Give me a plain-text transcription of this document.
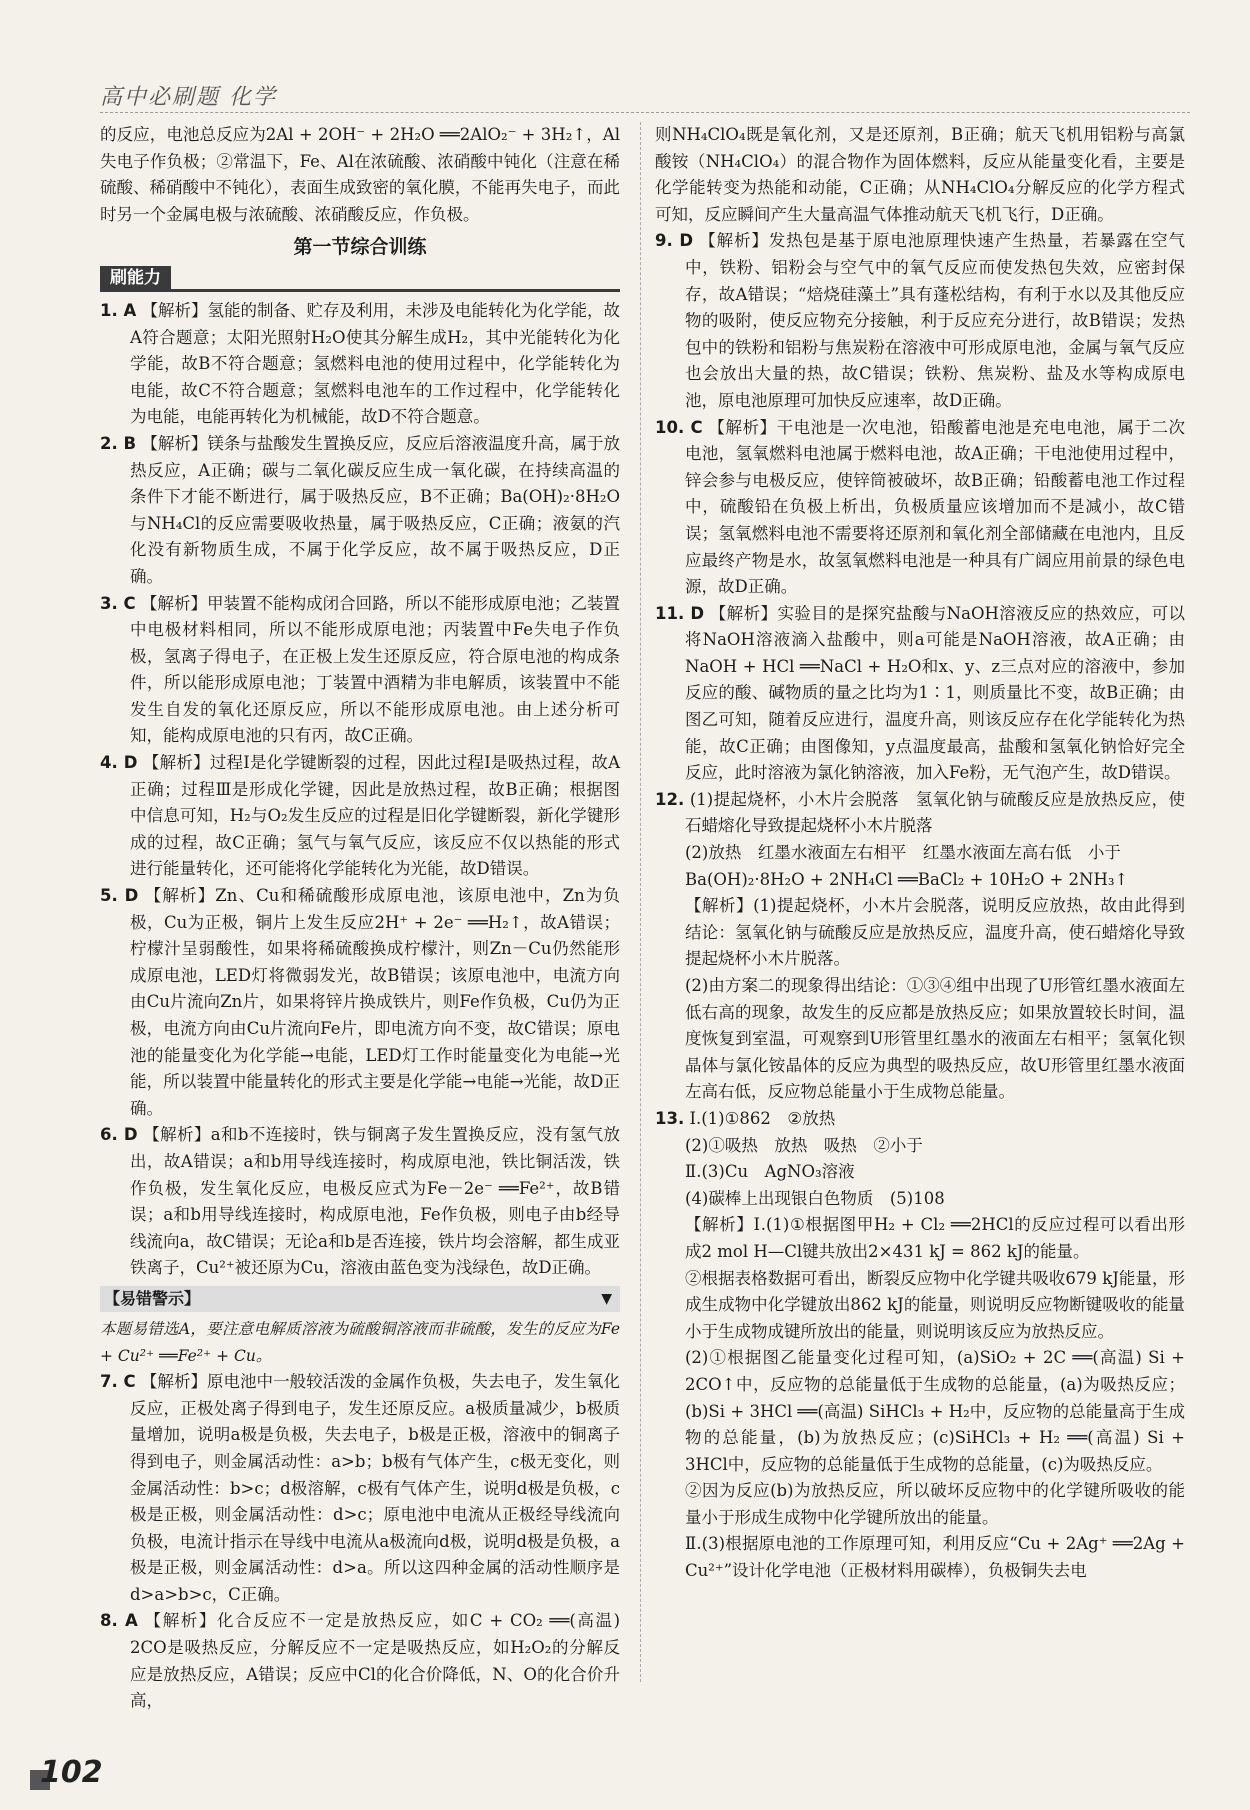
高中必刷题 化学

的反应，电池总反应为2Al + 2OH⁻ + 2H₂O ══2AlO₂⁻ + 3H₂↑，Al失电子作负极；②常温下，Fe、Al在浓硫酸、浓硝酸中钝化（注意在稀硫酸、稀硝酸中不钝化），表面生成致密的氧化膜，不能再失电子，而此时另一个金属电极与浓硫酸、浓硝酸反应，作负极。

第一节综合训练
刷能力

1. A 【解析】氢能的制备、贮存及利用，未涉及电能转化为化学能，故A符合题意；太阳光照射H₂O使其分解生成H₂，其中光能转化为化学能，故B不符合题意；氢燃料电池的使用过程中，化学能转化为电能，故C不符合题意；氢燃料电池车的工作过程中，化学能转化为电能，电能再转化为机械能，故D不符合题意。

2. B 【解析】镁条与盐酸发生置换反应，反应后溶液温度升高，属于放热反应，A正确；碳与二氧化碳反应生成一氧化碳，在持续高温的条件下才能不断进行，属于吸热反应，B不正确；Ba(OH)₂·8H₂O与NH₄Cl的反应需要吸收热量，属于吸热反应，C正确；液氨的汽化没有新物质生成，不属于化学反应，故不属于吸热反应，D正确。

3. C 【解析】甲装置不能构成闭合回路，所以不能形成原电池；乙装置中电极材料相同，所以不能形成原电池；丙装置中Fe失电子作负极，氢离子得电子，在正极上发生还原反应，符合原电池的构成条件，所以能形成原电池；丁装置中酒精为非电解质，该装置中不能发生自发的氧化还原反应，所以不能形成原电池。由上述分析可知，能构成原电池的只有丙，故C正确。

4. D 【解析】过程Ⅰ是化学键断裂的过程，因此过程Ⅰ是吸热过程，故A正确；过程Ⅲ是形成化学键，因此是放热过程，故B正确；根据图中信息可知，H₂与O₂发生反应的过程是旧化学键断裂，新化学键形成的过程，故C正确；氢气与氧气反应，该反应不仅以热能的形式进行能量转化，还可能将化学能转化为光能，故D错误。

5. D 【解析】Zn、Cu和稀硫酸形成原电池，该原电池中，Zn为负极，Cu为正极，铜片上发生反应2H⁺ + 2e⁻ ══H₂↑，故A错误；柠檬汁呈弱酸性，如果将稀硫酸换成柠檬汁，则Zn－Cu仍然能形成原电池，LED灯将微弱发光，故B错误；该原电池中，电流方向由Cu片流向Zn片，如果将锌片换成铁片，则Fe作负极，Cu仍为正极，电流方向由Cu片流向Fe片，即电流方向不变，故C错误；原电池的能量变化为化学能→电能，LED灯工作时能量变化为电能→光能，所以装置中能量转化的形式主要是化学能→电能→光能，故D正确。

6. D 【解析】a和b不连接时，铁与铜离子发生置换反应，没有氢气放出，故A错误；a和b用导线连接时，构成原电池，铁比铜活泼，铁作负极，发生氧化反应，电极反应式为Fe－2e⁻ ══Fe²⁺，故B错误；a和b用导线连接时，构成原电池，Fe作负极，则电子由b经导线流向a，故C错误；无论a和b是否连接，铁片均会溶解，都生成亚铁离子，Cu²⁺被还原为Cu，溶液由蓝色变为浅绿色，故D正确。

【易错警示】	▼

本题易错选A，要注意电解质溶液为硫酸铜溶液而非硫酸，发生的反应为Fe + Cu²⁺ ══Fe²⁺ + Cu。

7. C 【解析】原电池中一般较活泼的金属作负极，失去电子，发生氧化反应，正极处离子得到电子，发生还原反应。a极质量减少，b极质量增加，说明a极是负极，失去电子，b极是正极，溶液中的铜离子得到电子，则金属活动性：a>b；b极有气体产生，c极无变化，则金属活动性：b>c；d极溶解，c极有气体产生，说明d极是负极，c极是正极，则金属活动性：d>c；原电池中电流从正极经导线流向负极，电流计指示在导线中电流从a极流向d极，说明d极是负极，a极是正极，则金属活动性：d>a。所以这四种金属的活动性顺序是d>a>b>c，C正确。

8. A 【解析】化合反应不一定是放热反应，如C + CO₂ ══(高温) 2CO是吸热反应，分解反应不一定是吸热反应，如H₂O₂的分解反应是放热反应，A错误；反应中Cl的化合价降低，N、O的化合价升高，

则NH₄ClO₄既是氧化剂，又是还原剂，B正确；航天飞机用铝粉与高氯酸铵（NH₄ClO₄）的混合物作为固体燃料，反应从能量变化看，主要是化学能转变为热能和动能，C正确；从NH₄ClO₄分解反应的化学方程式可知，反应瞬间产生大量高温气体推动航天飞机飞行，D正确。

9. D 【解析】发热包是基于原电池原理快速产生热量，若暴露在空气中，铁粉、铝粉会与空气中的氧气反应而使发热包失效，应密封保存，故A错误；“焙烧硅藻土”具有蓬松结构，有利于水以及其他反应物的吸附，使反应物充分接触，利于反应充分进行，故B错误；发热包中的铁粉和铝粉与焦炭粉在溶液中可形成原电池，金属与氧气反应也会放出大量的热，故C错误；铁粉、焦炭粉、盐及水等构成原电池，原电池原理可加快反应速率，故D正确。

10. C 【解析】干电池是一次电池，铅酸蓄电池是充电电池，属于二次电池，氢氧燃料电池属于燃料电池，故A正确；干电池使用过程中，锌会参与电极反应，使锌筒被破坏，故B正确；铅酸蓄电池工作过程中，硫酸铅在负极上析出，负极质量应该增加而不是减小，故C错误；氢氧燃料电池不需要将还原剂和氧化剂全部储藏在电池内，且反应最终产物是水，故氢氧燃料电池是一种具有广阔应用前景的绿色电源，故D正确。

11. D 【解析】实验目的是探究盐酸与NaOH溶液反应的热效应，可以将NaOH溶液滴入盐酸中，则a可能是NaOH溶液，故A正确；由NaOH + HCl ══NaCl + H₂O和x、y、z三点对应的溶液中，参加反应的酸、碱物质的量之比均为1∶1，则质量比不变，故B正确；由图乙可知，随着反应进行，温度升高，则该反应存在化学能转化为热能，故C正确；由图像知，y点温度最高，盐酸和氢氧化钠恰好完全反应，此时溶液为氯化钠溶液，加入Fe粉，无气泡产生，故D错误。

12. (1)提起烧杯，小木片会脱落　氢氧化钠与硫酸反应是放热反应，使石蜡熔化导致提起烧杯小木片脱落

(2)放热　红墨水液面左右相平　红墨水液面左高右低　小于

Ba(OH)₂·8H₂O + 2NH₄Cl ══BaCl₂ + 10H₂O + 2NH₃↑

【解析】(1)提起烧杯，小木片会脱落，说明反应放热，故由此得到结论：氢氧化钠与硫酸反应是放热反应，温度升高，使石蜡熔化导致提起烧杯小木片脱落。

(2)由方案二的现象得出结论：①③④组中出现了U形管红墨水液面左低右高的现象，故发生的反应都是放热反应；如果放置较长时间，温度恢复到室温，可观察到U形管里红墨水的液面左右相平；氢氧化钡晶体与氯化铵晶体的反应为典型的吸热反应，故U形管里红墨水液面左高右低，反应物总能量小于生成物总能量。

13. Ⅰ.(1)①862　②放热

(2)①吸热　放热　吸热　②小于

Ⅱ.(3)Cu　AgNO₃溶液

(4)碳棒上出现银白色物质　(5)108

【解析】Ⅰ.(1)①根据图甲H₂ + Cl₂ ══2HCl的反应过程可以看出形成2 mol H—Cl键共放出2×431 kJ = 862 kJ的能量。

②根据表格数据可看出，断裂反应物中化学键共吸收679 kJ能量，形成生成物中化学键放出862 kJ的能量，则说明反应物断键吸收的能量小于生成物成键所放出的能量，则说明该反应为放热反应。

(2)①根据图乙能量变化过程可知，(a)SiO₂ + 2C ══(高温) Si + 2CO↑中，反应物的总能量低于生成物的总能量，(a)为吸热反应；(b)Si + 3HCl ══(高温) SiHCl₃ + H₂中，反应物的总能量高于生成物的总能量，(b)为放热反应；(c)SiHCl₃ + H₂ ══(高温) Si + 3HCl中，反应物的总能量低于生成物的总能量，(c)为吸热反应。

②因为反应(b)为放热反应，所以破坏反应物中的化学键所吸收的能量小于形成生成物中化学键所放出的能量。

Ⅱ.(3)根据原电池的工作原理可知，利用反应“Cu + 2Ag⁺ ══2Ag + Cu²⁺”设计化学电池（正极材料用碳棒），负极铜失去电

102
